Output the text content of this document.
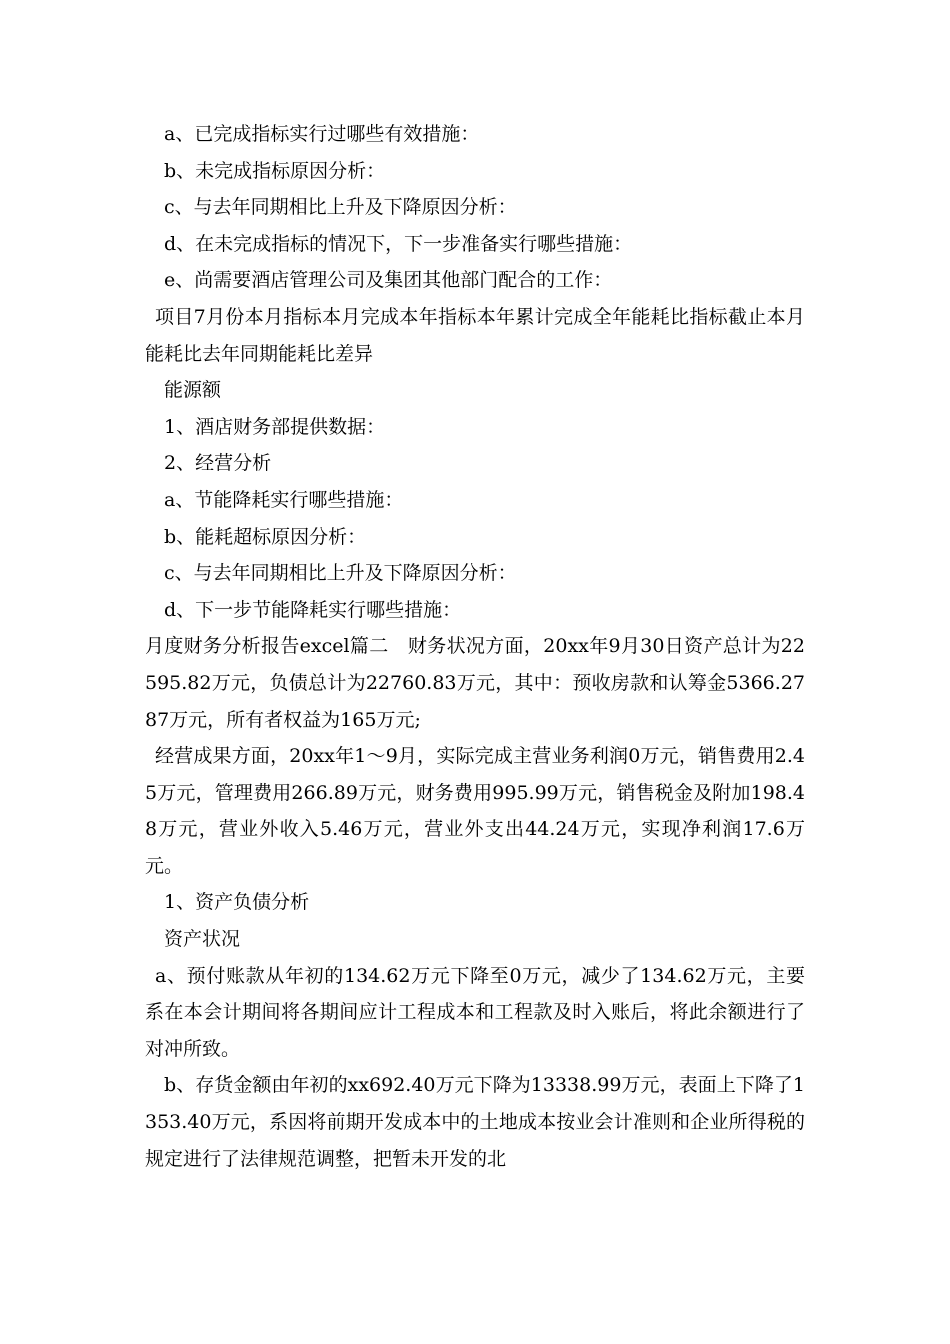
a、已完成指标实行过哪些有效措施：

b、未完成指标原因分析：

c、与去年同期相比上升及下降原因分析：

d、在未完成指标的情况下，下一步准备实行哪些措施：

e、尚需要酒店管理公司及集团其他部门配合的工作：

项目7月份本月指标本月完成本年指标本年累计完成全年能耗比指标截止本月能耗比去年同期能耗比差异

能源额

1、酒店财务部提供数据：

2、经营分析

a、节能降耗实行哪些措施：

b、能耗超标原因分析：

c、与去年同期相比上升及下降原因分析：

d、下一步节能降耗实行哪些措施：

月度财务分析报告excel篇二　财务状况方面，20xx年9月30日资产总计为22595.82万元，负债总计为22760.83万元，其中：预收房款和认筹金5366.2787万元，所有者权益为165万元;

经营成果方面，20xx年1～9月，实际完成主营业务利润0万元，销售费用2.45万元，管理费用266.89万元，财务费用995.99万元，销售税金及附加198.48万元，营业外收入5.46万元，营业外支出44.24万元，实现净利润17.6万元。

1、资产负债分析

资产状况

a、预付账款从年初的134.62万元下降至0万元，减少了134.62万元，主要系在本会计期间将各期间应计工程成本和工程款及时入账后，将此余额进行了对冲所致。

b、存货金额由年初的xx692.40万元下降为13338.99万元，表面上下降了1353.40万元，系因将前期开发成本中的土地成本按业会计准则和企业所得税的规定进行了法律规范调整，把暂未开发的北
